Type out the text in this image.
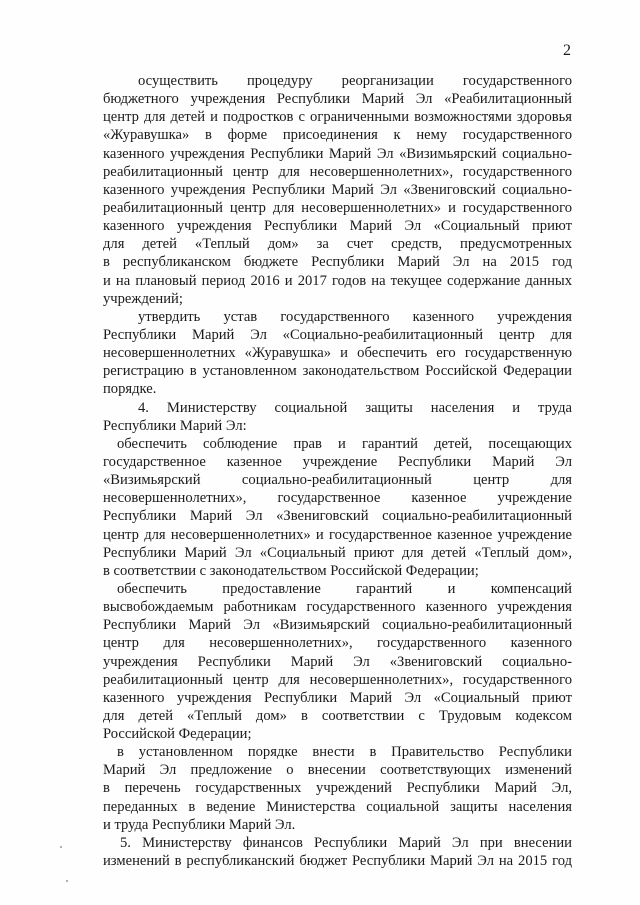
2
осуществить процедуру реорганизации государственного
бюджетного учреждения Республики Марий Эл «Реабилитационный
центр для детей и подростков с ограниченными возможностями здоровья
«Журавушка» в форме присоединения к нему государственного
казенного учреждения Республики Марий Эл «Визимьярский социально-
реабилитационный центр для несовершеннолетних», государственного
казенного учреждения Республики Марий Эл «Звениговский социально-
реабилитационный центр для несовершеннолетних» и государственного
казенного учреждения Республики Марий Эл «Социальный приют
для детей «Теплый дом» за счет средств, предусмотренных
в республиканском бюджете Республики Марий Эл на 2015 год
и на плановый период 2016 и 2017 годов на текущее содержание данных
учреждений;
утвердить устав государственного казенного учреждения
Республики Марий Эл «Социально-реабилитационный центр для
несовершеннолетних «Журавушка» и обеспечить его государственную
регистрацию в установленном законодательством Российской Федерации
порядке.
4. Министерству социальной защиты населения и труда
Республики Марий Эл:
обеспечить соблюдение прав и гарантий детей, посещающих
государственное казенное учреждение Республики Марий Эл
«Визимьярский социально-реабилитационный центр для
несовершеннолетних», государственное казенное учреждение
Республики Марий Эл «Звениговский социально-реабилитационный
центр для несовершеннолетних» и государственное казенное учреждение
Республики Марий Эл «Социальный приют для детей «Теплый дом»,
в соответствии с законодательством Российской Федерации;
обеспечить предоставление гарантий и компенсаций
высвобождаемым работникам государственного казенного учреждения
Республики Марий Эл «Визимьярский социально-реабилитационный
центр для несовершеннолетних», государственного казенного
учреждения Республики Марий Эл «Звениговский социально-
реабилитационный центр для несовершеннолетних», государственного
казенного учреждения Республики Марий Эл «Социальный приют
для детей «Теплый дом» в соответствии с Трудовым кодексом
Российской Федерации;
в установленном порядке внести в Правительство Республики
Марий Эл предложение о внесении соответствующих изменений
в перечень государственных учреждений Республики Марий Эл,
переданных в ведение Министерства социальной защиты населения
и труда Республики Марий Эл.
5. Министерству финансов Республики Марий Эл при внесении
изменений в республиканский бюджет Республики Марий Эл на 2015 год
